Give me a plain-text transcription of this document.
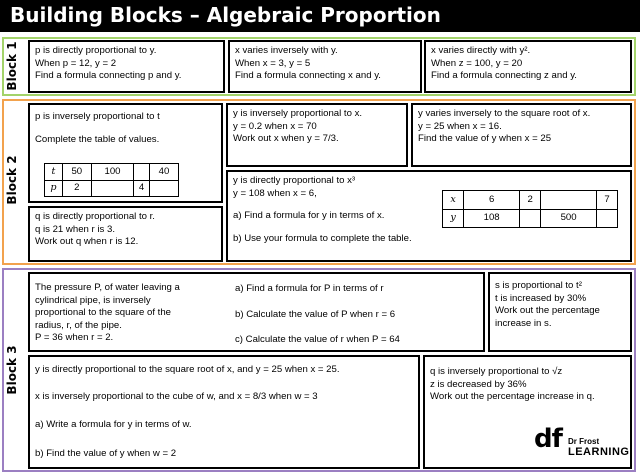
Building Blocks – Algebraic Proportion
Block 1 p is directly proportional to y.
When p = 12, y = 2
Find a formula connecting p and y.
x varies inversely with y.
When x = 3, y = 5
Find a formula connecting x and y.
x varies directly with y².
When z = 100, y = 20
Find a formula connecting z and y.
Block 2
p is inversely proportional to t
Complete the table of values.
t	50	100		40
p	2		4	
y is inversely proportional to x.
y = 0.2 when x = 70
Work out x when y = 7/3.
y varies inversely to the square root of x.
y = 25 when x = 16.
Find the value of y when x = 25
q is directly proportional to r.
q is 21 when r is 3.
Work out q when r is 12.
y is directly proportional to x³
y = 108 when x = 6,
a) Find a formula for y in terms of x.
b) Use your formula to complete the table.
x	6	2		7
y	108		500	
Block 3
The pressure P, of water leaving a
cylindrical pipe, is inversely
proportional to the square of the
radius, r, of the pipe.
P = 36 when r = 2.
a) Find a formula for P in terms of r
b) Calculate the value of P when r = 6
c) Calculate the value of r when P = 64
s is proportional to t²
t is increased by 30%
Work out the percentage
increase in s.
y is directly proportional to the square root of x, and y = 25 when x = 25.
x is inversely proportional to the cube of w, and x = 8/3 when w = 3
a) Write a formula for y in terms of w.
b) Find the value of y when w = 2
q is inversely proportional to √z
z is decreased by 36%
Work out the percentage increase in q.
df Dr Frost
LEARNING
